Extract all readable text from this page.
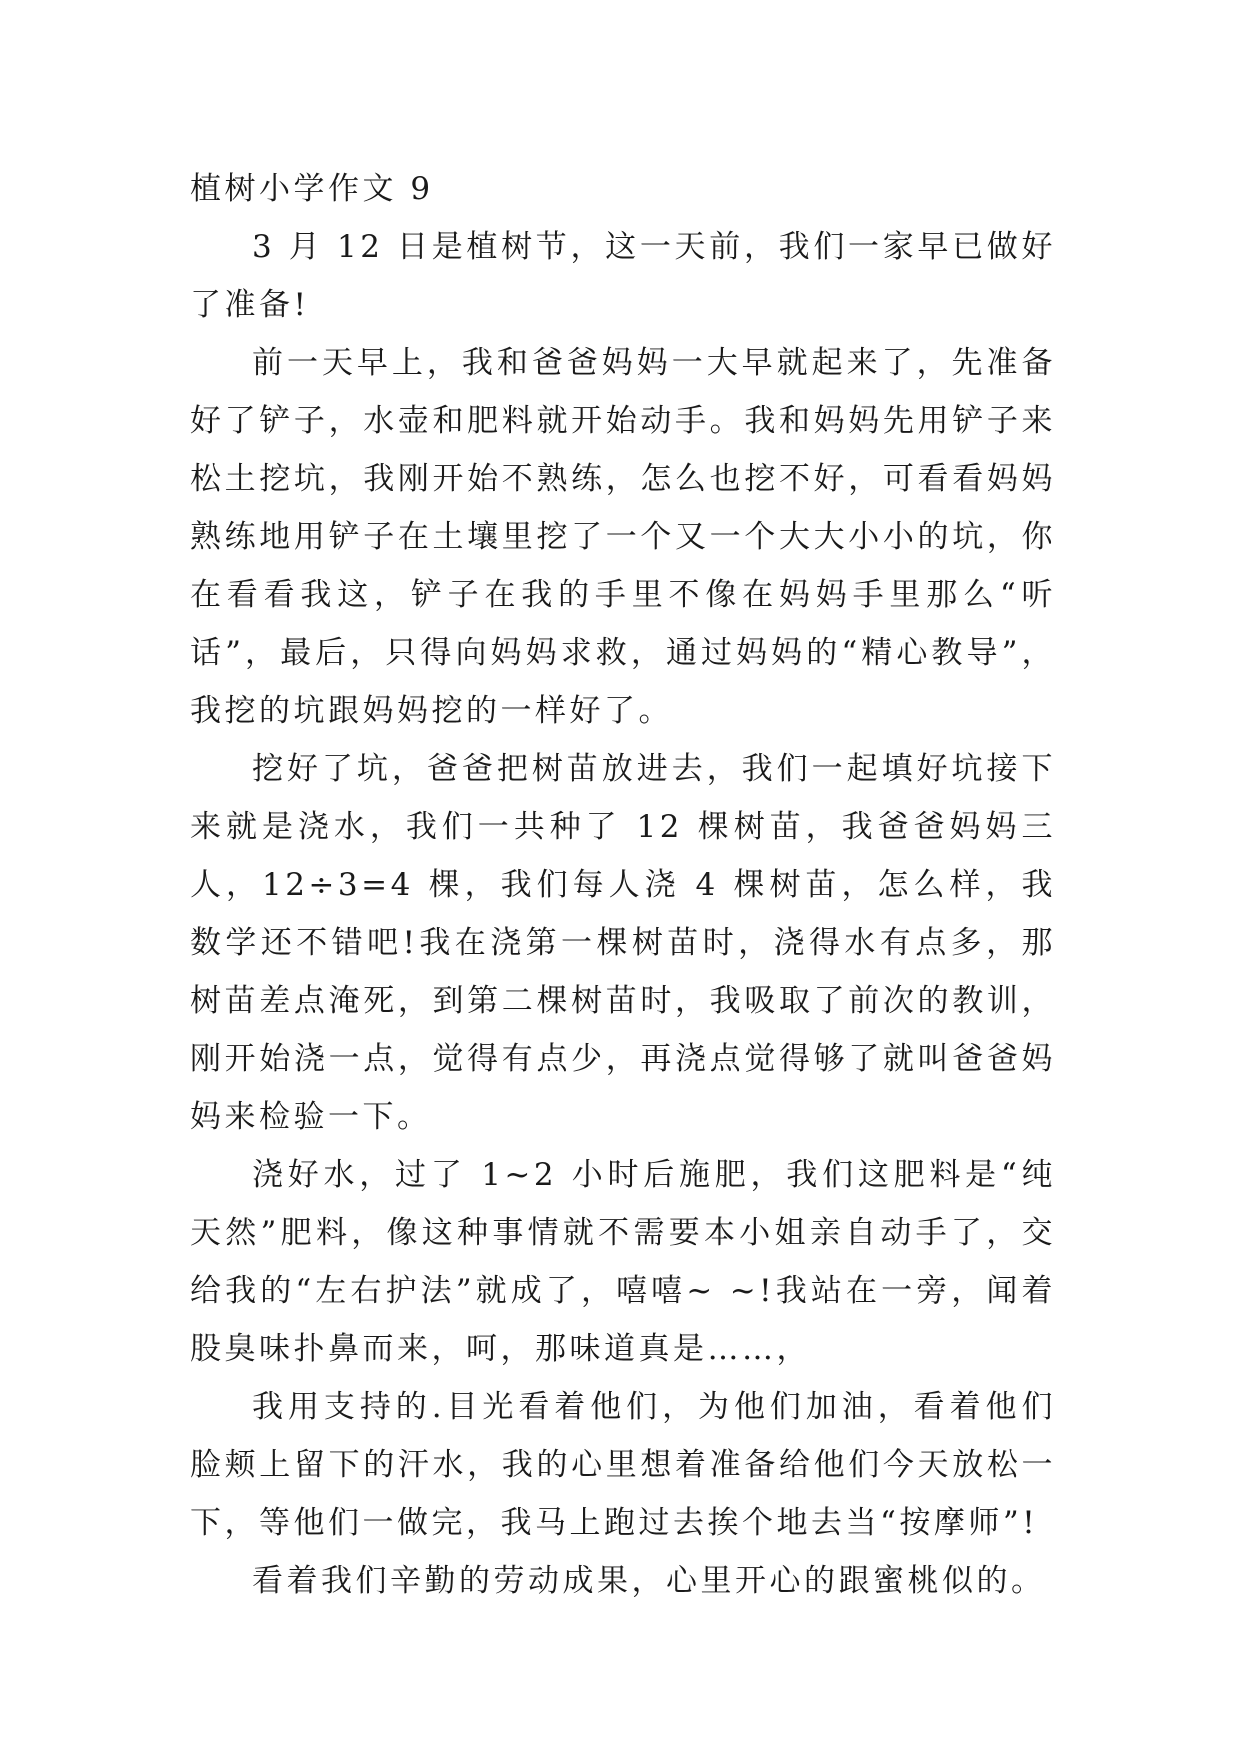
植树小学作文 9

3 月 12 日是植树节，这一天前，我们一家早已做好了准备!

前一天早上，我和爸爸妈妈一大早就起来了，先准备好了铲子，水壶和肥料就开始动手。我和妈妈先用铲子来松土挖坑，我刚开始不熟练，怎么也挖不好，可看看妈妈熟练地用铲子在土壤里挖了一个又一个大大小小的坑，你在看看我这，铲子在我的手里不像在妈妈手里那么“听话”，最后，只得向妈妈求救，通过妈妈的“精心教导”，我挖的坑跟妈妈挖的一样好了。

挖好了坑，爸爸把树苗放进去，我们一起填好坑接下来就是浇水，我们一共种了 12 棵树苗，我爸爸妈妈三人，12÷3=4 棵，我们每人浇 4 棵树苗，怎么样，我数学还不错吧!我在浇第一棵树苗时，浇得水有点多，那树苗差点淹死，到第二棵树苗时，我吸取了前次的教训，刚开始浇一点，觉得有点少，再浇点觉得够了就叫爸爸妈妈来检验一下。

浇好水，过了 1~2 小时后施肥，我们这肥料是“纯天然”肥料，像这种事情就不需要本小姐亲自动手了，交给我的“左右护法”就成了，嘻嘻~ ~!我站在一旁，闻着股臭味扑鼻而来，呵，那味道真是……，

我用支持的.目光看着他们，为他们加油，看着他们脸颊上留下的汗水，我的心里想着准备给他们今天放松一下，等他们一做完，我马上跑过去挨个地去当“按摩师”!

看着我们辛勤的劳动成果，心里开心的跟蜜桃似的。
